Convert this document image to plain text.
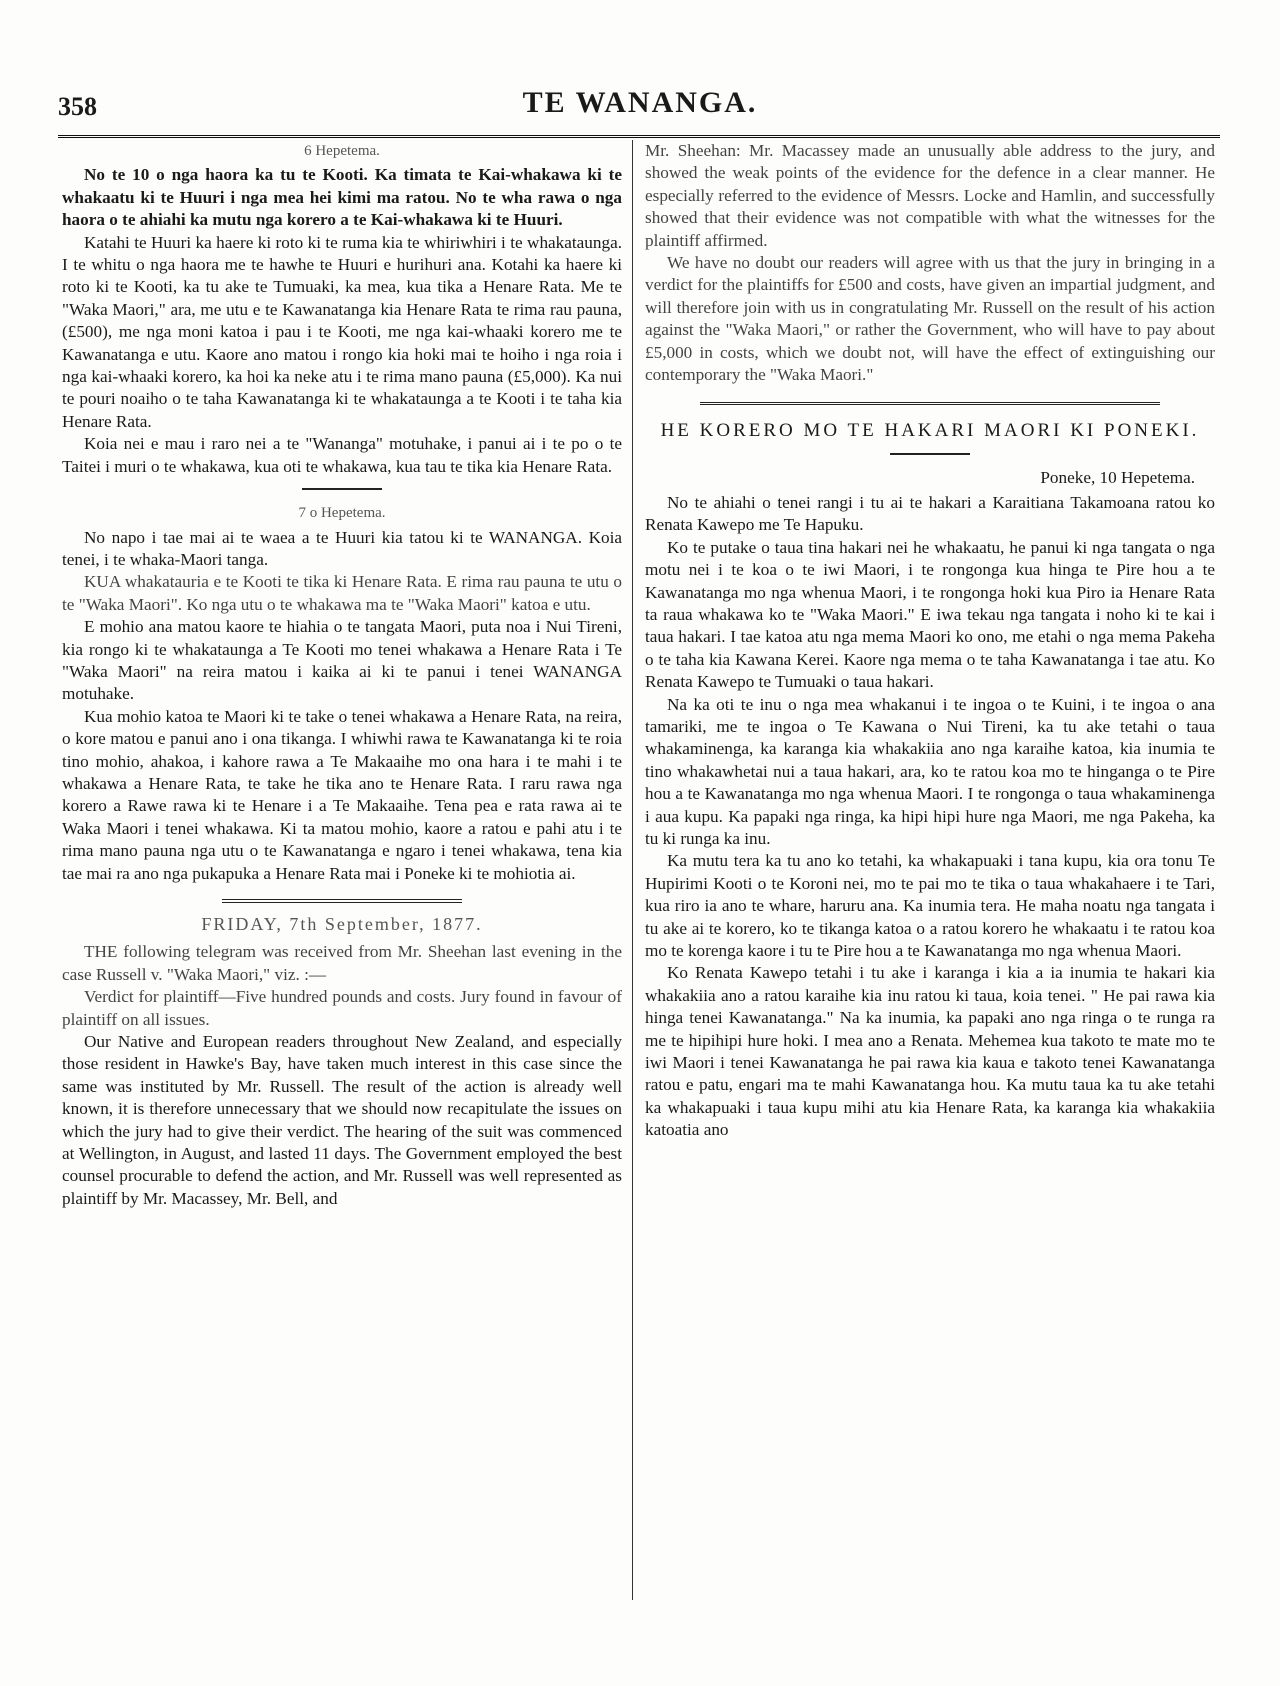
358	TE WANANGA.
6 Hepetema.

No te 10 o nga haora ka tu te Kooti. Ka timata te Kai-whakawa ki te whakaatu ki te Huuri i nga mea hei kimi ma ratou. No te wha rawa o nga haora o te ahiahi ka mutu nga korero a te Kai-whakawa ki te Huuri.

Katahi te Huuri ka haere ki roto ki te ruma kia te whiriwhiri i te whakataunga. I te whitu o nga haora me te hawhe te Huuri e hurihuri ana. Kotahi ka haere ki roto ki te Kooti, ka tu ake te Tumuaki, ka mea, kua tika a Henare Rata. Me te "Waka Maori," ara, me utu e te Kawanatanga kia Henare Rata te rima rau pauna, (£500), me nga moni katoa i pau i te Kooti, me nga kai-whaaki korero me te Kawanatanga e utu. Kaore ano matou i rongo kia hoki mai te hoiho i nga roia i nga kai-whaaki korero, ka hoi ka neke atu i te rima mano pauna (£5,000). Ka nui te pouri noaiho o te taha Kawanatanga ki te whakataunga a te Kooti i te taha kia Henare Rata.

Koia nei e mau i raro nei a te "Wananga" motuhake, i panui ai i te po o te Taitei i muri o te whakawa, kua oti te whakawa, kua tau te tika kia Henare Rata.

7 o Hepetema.

No napo i tae mai ai te waea a te Huuri kia tatou ki te WANANGA. Koia tenei, i te whaka-Maori tanga.

KUA whakatauria e te Kooti te tika ki Henare Rata. E rima rau pauna te utu o te "Waka Maori". Ko nga utu o te whakawa ma te "Waka Maori" katoa e utu.

E mohio ana matou kaore te hiahia o te tangata Maori, puta noa i Nui Tireni, kia rongo ki te whakataunga a Te Kooti mo tenei whakawa a Henare Rata i Te "Waka Maori" na reira matou i kaika ai ki te panui i tenei WANANGA motuhake.

Kua mohio katoa te Maori ki te take o tenei whakawa a Henare Rata, na reira, o kore matou e panui ano i ona tikanga. I whiwhi rawa te Kawanatanga ki te roia tino mohio, ahakoa, i kahore rawa a Te Makaaihe mo ona hara i te mahi i te whakawa a Henare Rata, te take he tika ano te Henare Rata. I raru rawa nga korero a Rawe rawa ki te Henare i a Te Makaaihe. Tena pea e rata rawa ai te Waka Maori i tenei whakawa. Ki ta matou mohio, kaore a ratou e pahi atu i te rima mano pauna nga utu o te Kawanatanga e ngaro i tenei whakawa, tena kia tae mai ra ano nga pukapuka a Henare Rata mai i Poneke ki te mohiotia ai.

FRIDAY, 7th September, 1877.

THE following telegram was received from Mr. Sheehan last evening in the case Russell v. "Waka Maori," viz. :—

Verdict for plaintiff—Five hundred pounds and costs. Jury found in favour of plaintiff on all issues.

Our Native and European readers throughout New Zealand, and especially those resident in Hawke's Bay, have taken much interest in this case since the same was instituted by Mr. Russell. The result of the action is already well known, it is therefore unnecessary that we should now recapitulate the issues on which the jury had to give their verdict. The hearing of the suit was commenced at Wellington, in August, and lasted 11 days. The Government employed the best counsel procurable to defend the action, and Mr. Russell was well represented as plaintiff by Mr. Macassey, Mr. Bell, and

Mr. Sheehan: Mr. Macassey made an unusually able address to the jury, and showed the weak points of the evidence for the defence in a clear manner. He especially referred to the evidence of Messrs. Locke and Hamlin, and successfully showed that their evidence was not compatible with what the witnesses for the plaintiff affirmed.

We have no doubt our readers will agree with us that the jury in bringing in a verdict for the plaintiffs for £500 and costs, have given an impartial judgment, and will therefore join with us in congratulating Mr. Russell on the result of his action against the "Waka Maori," or rather the Government, who will have to pay about £5,000 in costs, which we doubt not, will have the effect of extinguishing our contemporary the "Waka Maori."

HE KORERO MO TE HAKARI MAORI KI PONEKI.
Poneke, 10 Hepetema.

No te ahiahi o tenei rangi i tu ai te hakari a Karaitiana Takamoana ratou ko Renata Kawepo me Te Hapuku.

Ko te putake o taua tina hakari nei he whakaatu, he panui ki nga tangata o nga motu nei i te koa o te iwi Maori, i te rongonga kua hinga te Pire hou a te Kawanatanga mo nga whenua Maori, i te rongonga hoki kua Piro ia Henare Rata ta raua whakawa ko te "Waka Maori." E iwa tekau nga tangata i noho ki te kai i taua hakari. I tae katoa atu nga mema Maori ko ono, me etahi o nga mema Pakeha o te taha kia Kawana Kerei. Kaore nga mema o te taha Kawanatanga i tae atu. Ko Renata Kawepo te Tumuaki o taua hakari.

Na ka oti te inu o nga mea whakanui i te ingoa o te Kuini, i te ingoa o ana tamariki, me te ingoa o Te Kawana o Nui Tireni, ka tu ake tetahi o taua whakaminenga, ka karanga kia whakakiia ano nga karaihe katoa, kia inumia te tino whakawhetai nui a taua hakari, ara, ko te ratou koa mo te hinganga o te Pire hou a te Kawanatanga mo nga whenua Maori. I te rongonga o taua whakaminenga i aua kupu. Ka papaki nga ringa, ka hipi hipi hure nga Maori, me nga Pakeha, ka tu ki runga ka inu.

Ka mutu tera ka tu ano ko tetahi, ka whakapuaki i tana kupu, kia ora tonu Te Hupirimi Kooti o te Koroni nei, mo te pai mo te tika o taua whakahaere i te Tari, kua riro ia ano te whare, haruru ana. Ka inumia tera. He maha noatu nga tangata i tu ake ai te korero, ko te tikanga katoa o a ratou korero he whakaatu i te ratou koa mo te korenga kaore i tu te Pire hou a te Kawanatanga mo nga whenua Maori.

Ko Renata Kawepo tetahi i tu ake i karanga i kia a ia inumia te hakari kia whakakiia ano a ratou karaihe kia inu ratou ki taua, koia tenei. " He pai rawa kia hinga tenei Kawanatanga." Na ka inumia, ka papaki ano nga ringa o te runga ra me te hipihipi hure hoki. I mea ano a Renata. Mehemea kua takoto te mate mo te iwi Maori i tenei Kawanatanga he pai rawa kia kaua e takoto tenei Kawanatanga ratou e patu, engari ma te mahi Kawanatanga hou. Ka mutu taua ka tu ake tetahi ka whakapuaki i taua kupu mihi atu kia Henare Rata, ka karanga kia whakakiia katoatia ano
